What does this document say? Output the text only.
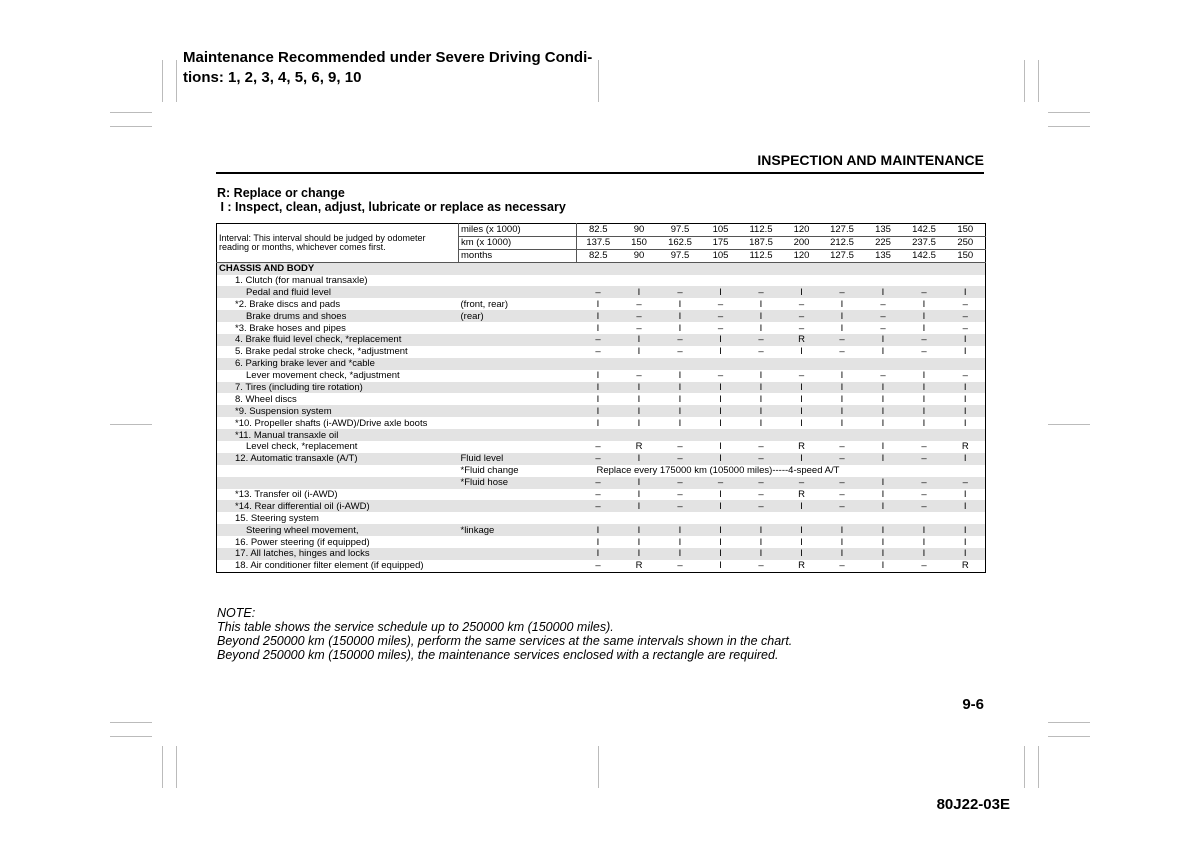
Maintenance Recommended under Severe Driving Condi-
tions: 1, 2, 3, 4, 5, 6, 9, 10
INSPECTION AND MAINTENANCE
R: Replace or change
I : Inspect, clean, adjust, lubricate or replace as necessary
Interval: This interval should be judged by odometer reading or months, whichever comes first.	miles (x 1000)	82.5	90	97.5	105	112.5	120	127.5	135	142.5	150
	km (x 1000)	137.5	150	162.5	175	187.5	200	212.5	225	237.5	250
	months	82.5	90	97.5	105	112.5	120	127.5	135	142.5	150
CHASSIS AND BODY											
1. Clutch (for manual transaxle)											
Pedal and fluid level		–	I	–	I	–	I	–	I	–	I
*2. Brake discs and pads	(front, rear)	I	–	I	–	I	–	I	–	I	–
Brake drums and shoes	(rear)	I	–	I	–	I	–	I	–	I	–
*3. Brake hoses and pipes		I	–	I	–	I	–	I	–	I	–
4. Brake fluid level check, *replacement		–	I	–	I	–	R	–	I	–	I
5. Brake pedal stroke check, *adjustment		–	I	–	I	–	I	–	I	–	I
6. Parking brake lever and *cable											
Lever movement check, *adjustment		I	–	I	–	I	–	I	–	I	–
7. Tires (including tire rotation)		I	I	I	I	I	I	I	I	I	I
8. Wheel discs		I	I	I	I	I	I	I	I	I	I
*9. Suspension system		I	I	I	I	I	I	I	I	I	I
*10. Propeller shafts (i-AWD)/Drive axle boots		I	I	I	I	I	I	I	I	I	I
*11. Manual transaxle oil											
Level check, *replacement		–	R	–	I	–	R	–	I	–	R
12. Automatic transaxle (A/T)	Fluid level	–	I	–	I	–	I	–	I	–	I
	*Fluid change	Replace every 175000 km (105000 miles)-----4-speed A/T									
	*Fluid hose	–	I	–	–	–	–	–	I	–	–
*13. Transfer oil (i-AWD)		–	I	–	I	–	R	–	I	–	I
*14. Rear differential oil (i-AWD)		–	I	–	I	–	I	–	I	–	I
15. Steering system											
Steering wheel movement,	*linkage	I	I	I	I	I	I	I	I	I	I
16. Power steering (if equipped)		I	I	I	I	I	I	I	I	I	I
17. All latches, hinges and locks		I	I	I	I	I	I	I	I	I	I
18. Air conditioner filter element (if equipped)		–	R	–	I	–	R	–	I	–	R
NOTE:
This table shows the service schedule up to 250000 km (150000 miles).
Beyond 250000 km (150000 miles), perform the same services at the same intervals shown in the chart.
Beyond 250000 km (150000 miles), the maintenance services enclosed with a rectangle are required.
9-6
80J22-03E
